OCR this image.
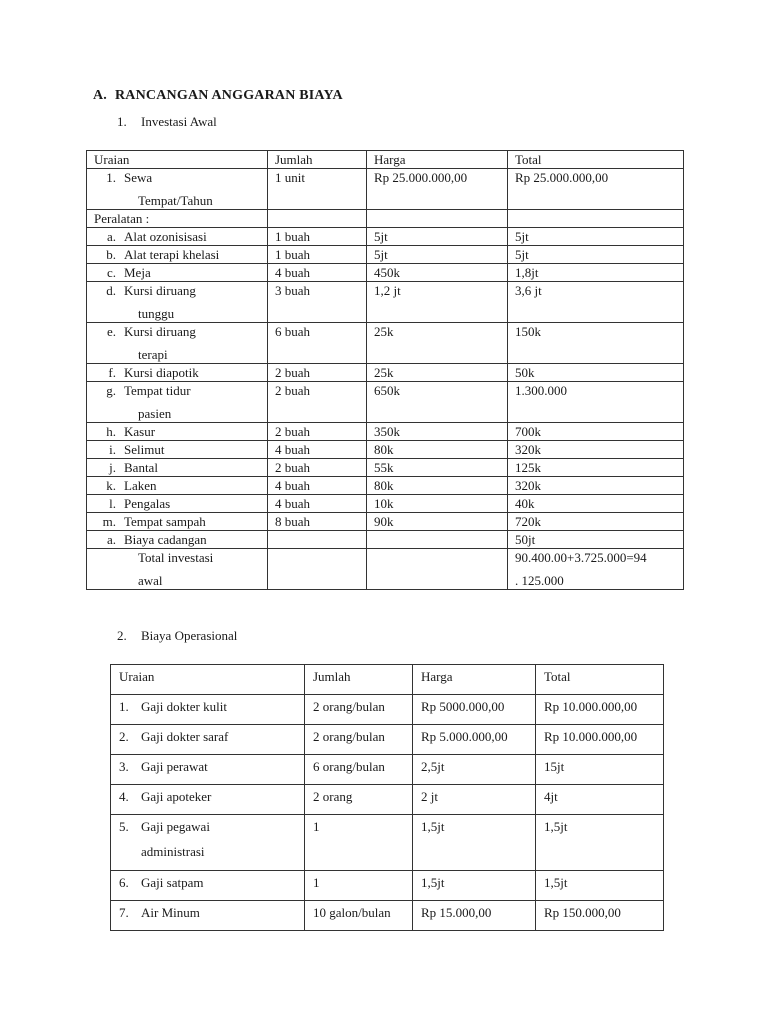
A. RANCANGAN ANGGARAN BIAYA
1. Investasi Awal
Uraian	Jumlah	Harga	Total
1. Sewa
Tempat/Tahun	1 unit	Rp 25.000.000,00	Rp 25.000.000,00
Peralatan :			
a. Alat ozonisisasi	1 buah	5jt	5jt
b. Alat terapi khelasi	1 buah	5jt	5jt
c. Meja	4 buah	450k	1,8jt
d. Kursi diruang
tunggu	3 buah	1,2 jt	3,6 jt
e. Kursi diruang
terapi	6 buah	25k	150k
f. Kursi diapotik	2 buah	25k	50k
g. Tempat tidur
pasien	2 buah	650k	1.300.000
h. Kasur	2 buah	350k	700k
i. Selimut	4 buah	80k	320k
j. Bantal	2 buah	55k	125k
k. Laken	4 buah	80k	320k
l. Pengalas	4 buah	10k	40k
m. Tempat sampah	8 buah	90k	720k
a. Biaya cadangan			50jt

Total investasi
awal			90.400.00+3.725.000=94
. 125.000
2. Biaya Operasional
Uraian	Jumlah	Harga	Total
1. Gaji dokter kulit	2 orang/bulan	Rp 5000.000,00	Rp 10.000.000,00
2. Gaji dokter saraf	2 orang/bulan	Rp 5.000.000,00	Rp 10.000.000,00
3. Gaji perawat	6 orang/bulan	2,5jt	15jt
4. Gaji apoteker	2 orang	2 jt	4jt
5. Gaji pegawai
administrasi	1	1,5jt	1,5jt
6. Gaji satpam	1	1,5jt	1,5jt
7. Air Minum	10 galon/bulan	Rp 15.000,00	Rp 150.000,00
